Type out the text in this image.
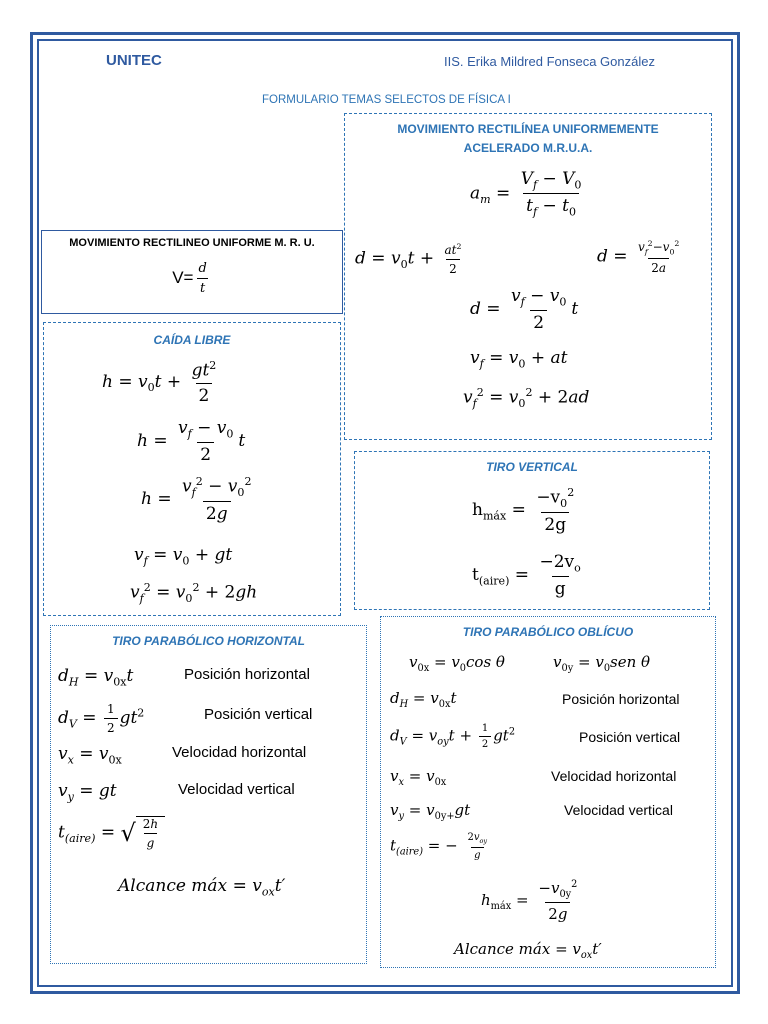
UNITEC	IIS. Erika Mildred Fonseca González
FORMULARIO TEMAS SELECTOS DE FÍSICA I
MOVIMIENTO RECTILINEO UNIFORME M. R. U.
$V= \frac{d}{t}$
MOVIMIENTO RECTILÍNEA UNIFORMEMENTE
ACELERADO M.R.U.A.
$a_m = \frac{V_f - V_0}{t_f - t_0}$
$d = v_0t + \frac{at^2}{2}$	$d = \frac{v_f^2-v_0^2}{2a}$
$d = \frac{v_f - v_0}{2}$ t
$v_f = v_0$ + at
$v_f^2 = v_0^2 + 2ad$
CAÍDA LIBRE
$h = v_0t + \frac{gt^2}{2}$
$h = \frac{v_f - v_0}{2}$ t
$h = \frac{v_f^2 - v_0^2}{2g}$
$v_f = v_0$ + gt
$v_f^2 = v_0^2 + 2gh$
TIRO VERTICAL
$h_{máx} = \frac{-v_0^2}{2g}$
$t_{(aire)} = \frac{-2v_o}{g}$
TIRO PARABÓLICO HORIZONTAL
$d_H = v_{0x}t$	Posición horizontal
$d_V = \frac{1}{2} gt^2$	Posición vertical
$v_x = v_{0x}$	Velocidad horizontal
$v_y$ = gt	Velocidad vertical
$t_{(aire)}$ = √ $\frac{2h}{g}$
Alcance máx = $v_{ox}t'$
TIRO PARABÓLICO OBLÍCUO
$v_{0x} = v_0\cos$ θ	$v_{0y} = v_0sen$ θ
$d_H = v_{0x}t$	Posición horizontal
$d_V = v_{oy}t + \frac{1}{2} gt^2$	Posición vertical
$v_x = v_{0x}$	Velocidad horizontal
$v_y = v_{0y+}gt$	Velocidad vertical
$t_{(aire)}$ = − $\frac{2v_{oy}}{g}$
$h_{máx} = \frac{-v_{0y}^2}{2g}$
Alcance máx = $v_{ox}t'$
